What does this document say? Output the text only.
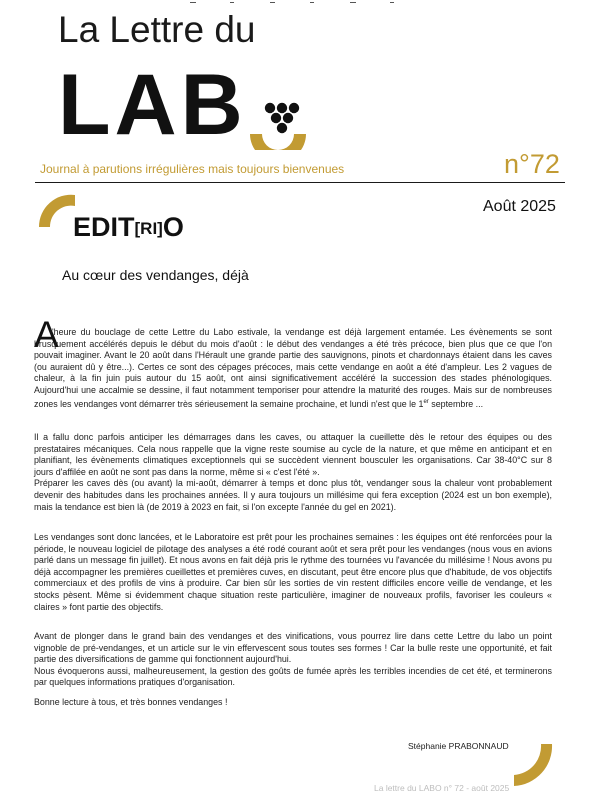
La Lettre du
LAB
Journal à parutions irrégulières mais toujours bienvenues	n°72
EDIT[RI]O
Août 2025
Au cœur des vendanges, déjà
A

l'heure du bouclage de cette Lettre du Labo estivale, la vendange est déjà largement entamée. Les évènements se sont brusquement accélérés depuis le début du mois d'août : le début des vendanges a été très précoce, bien plus que ce que l'on pouvait imaginer. Avant le 20 août dans l'Hérault une grande partie des sauvignons, pinots et chardonnays étaient dans les caves (ou auraient dû y être...). Certes ce sont des cépages précoces, mais cette vendange en août a été d'ampleur. Les 2 vagues de chaleur, à la fin juin puis autour du 15 août, ont ainsi significativement accéléré la succession des stades phénologiques. Aujourd'hui une accalmie se dessine, il faut notamment temporiser pour attendre la maturité des rouges. Mais sur de nombreuses zones les vendanges vont démarrer très sérieusement la semaine prochaine, et lundi n'est que le 1er septembre ...

Il a fallu donc parfois anticiper les démarrages dans les caves, ou attaquer la cueillette dès le retour des équipes ou des prestataires mécaniques. Cela nous rappelle que la vigne reste soumise au cycle de la nature, et que même en anticipant et en planifiant, les évènements climatiques exceptionnels qui se succèdent viennent bousculer les organisations. Car 38-40°C sur 8 jours d'affilée en août ne sont pas dans la norme, même si « c'est l'été ».
Préparer les caves dès (ou avant) la mi-août, démarrer à temps et donc plus tôt, vendanger sous la chaleur vont probablement devenir des habitudes dans les prochaines années. Il y aura toujours un millésime qui fera exception (2024 est un bon exemple), mais la tendance est bien là (de 2019 à 2023 en fait, si l'on excepte l'année du gel en 2021).
Les vendanges sont donc lancées, et le Laboratoire est prêt pour les prochaines semaines : les équipes ont été renforcées pour la période, le nouveau logiciel de pilotage des analyses a été rodé courant août et sera prêt pour les vendanges (nous vous en avions parlé dans un message fin juillet). Et nous avons en fait déjà pris le rythme des tournées vu l'avancée du millésime ! Nous avons pu déjà accompagner les premières cueillettes et premières cuves, en discutant, peut être encore plus que d'habitude, de vos objectifs commerciaux et des profils de vins à produire. Car bien sûr les sorties de vin restent difficiles encore veille de vendange, et les stocks pèsent. Même si évidemment chaque situation reste particulière, imaginer de nouveaux profils, favoriser les couleurs « claires » font partie des objectifs.
Avant de plonger dans le grand bain des vendanges et des vinifications, vous pourrez lire dans cette Lettre du labo un point vignoble de pré-vendanges, et un article sur le vin effervescent sous toutes ses formes ! Car la bulle reste une opportunité, et fait partie des diversifications de gamme qui fonctionnent aujourd'hui.
Nous évoquerons aussi, malheureusement, la gestion des goûts de fumée après les terribles incendies de cet été, et terminerons par quelques informations pratiques d'organisation.
Bonne lecture à tous, et très bonnes vendanges !
Stéphanie PRABONNAUD
La lettre du LABO n° 72 - août 2025
